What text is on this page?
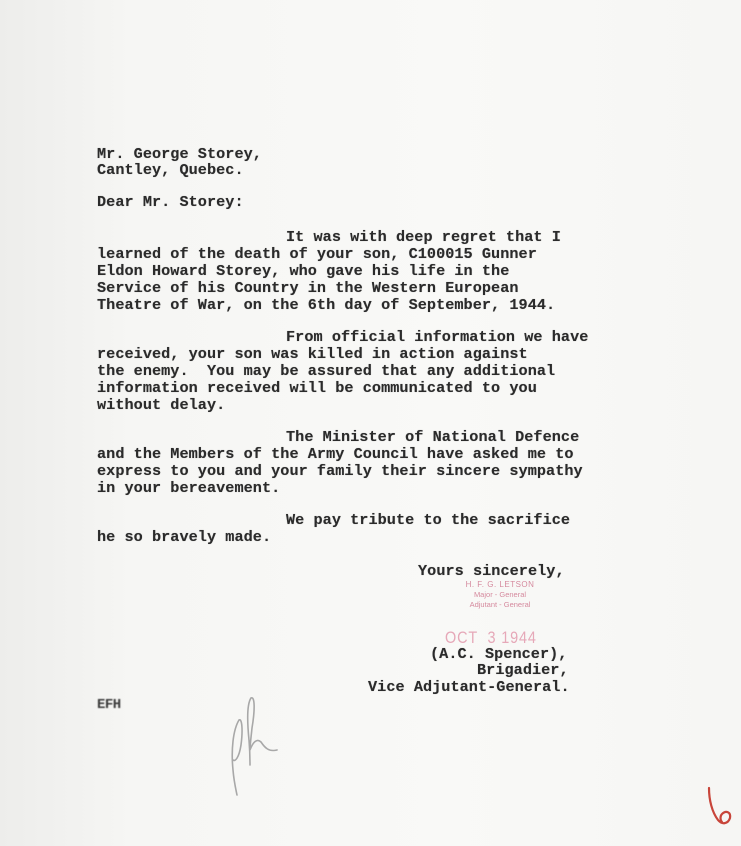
Mr. George Storey,
Cantley, Quebec.
Dear Mr. Storey:
It was with deep regret that I
learned of the death of your son, C100015 Gunner
Eldon Howard Storey, who gave his life in the
Service of his Country in the Western European
Theatre of War, on the 6th day of September, 1944.
From official information we have
received, your son was killed in action against
the enemy.  You may be assured that any additional
information received will be communicated to you
without delay.
The Minister of National Defence
and the Members of the Army Council have asked me to
express to you and your family their sincere sympathy
in your bereavement.
We pay tribute to the sacrifice
he so bravely made.
Yours sincerely,
H. F. G. LETSON
Major - General
Adjutant - General
OCT  3 1944
(A.C. Spencer),
Brigadier,
Vice Adjutant-General.
EFH
